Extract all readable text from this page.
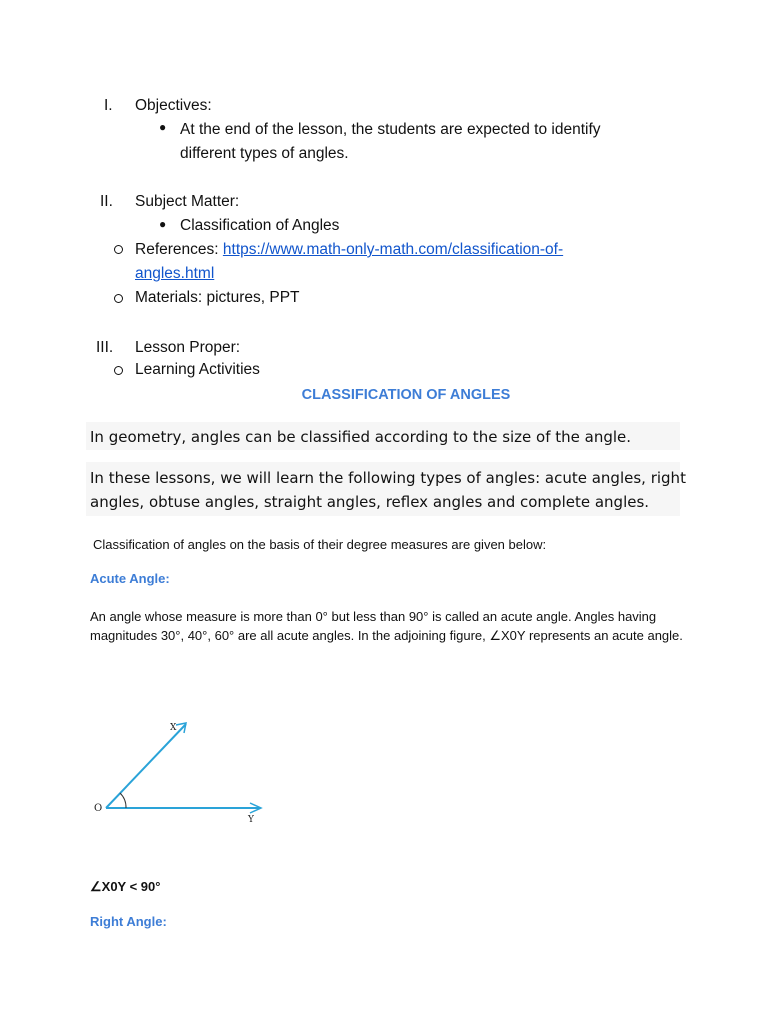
I. Objectives:
● At the end of the lesson, the students are expected to identify
different types of angles.
II. Subject Matter:
● Classification of Angles
References: https://www.math-only-math.com/classification-of-
angles.html
Materials: pictures, PPT
III. Lesson Proper:
Learning Activities
CLASSIFICATION OF ANGLES
In geometry, angles can be classified according to the size of the angle.
In these lessons, we will learn the following types of angles: acute angles, right angles, obtuse angles, straight angles, reflex angles and complete angles.
Classification of angles on the basis of their degree measures are given below:
Acute Angle:
An angle whose measure is more than 0° but less than 90° is called an acute angle. Angles having magnitudes 30°, 40°, 60° are all acute angles. In the adjoining figure, ∠X0Y represents an acute angle.
X
O
Y
∠X0Y < 90°
Right Angle:
